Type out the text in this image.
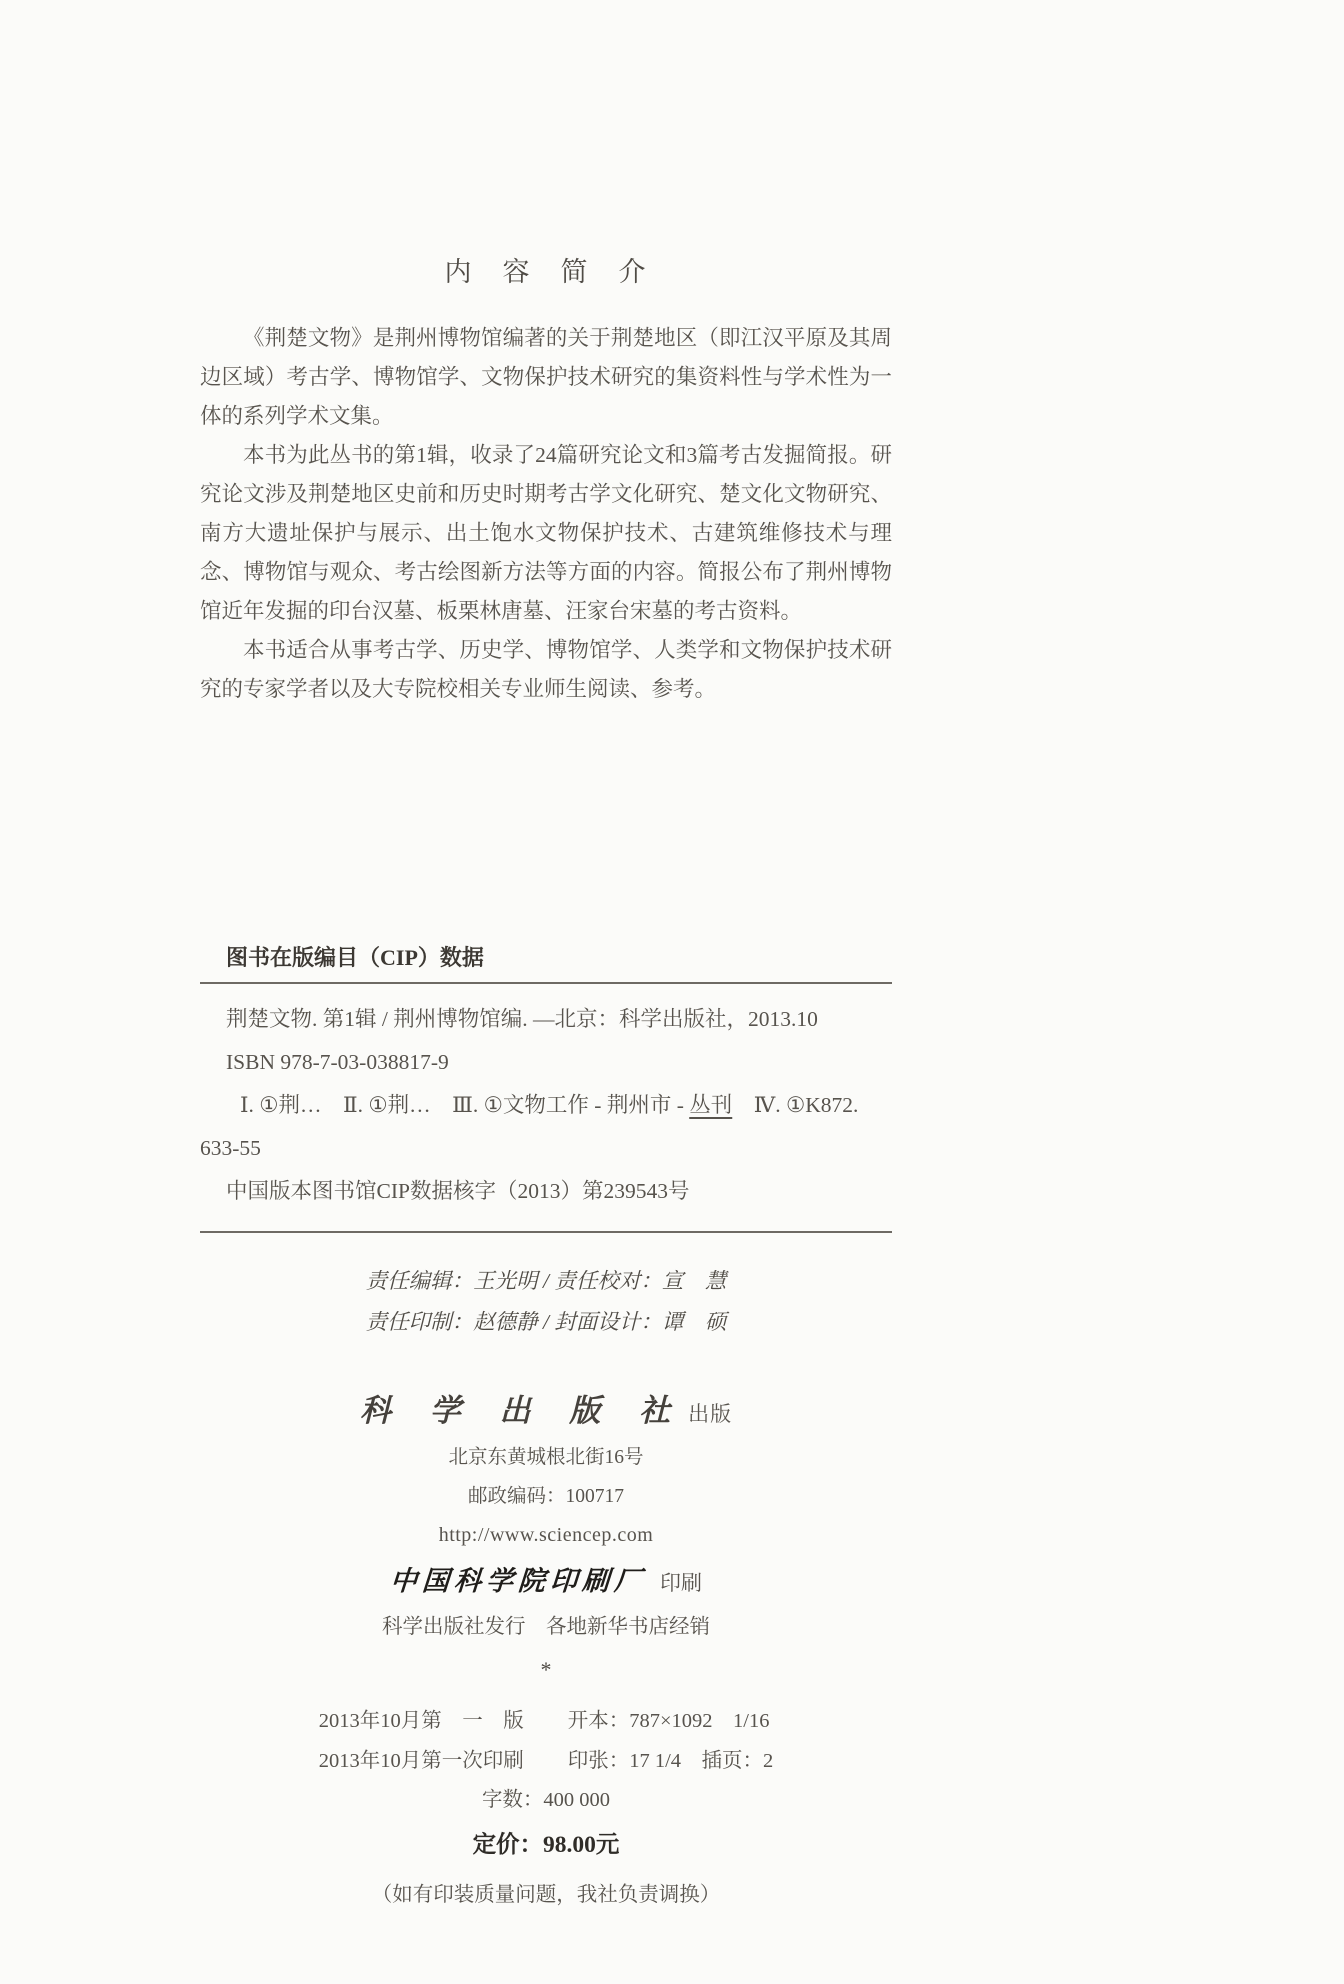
内　容　简　介

《荆楚文物》是荆州博物馆编著的关于荆楚地区（即江汉平原及其周边区域）考古学、博物馆学、文物保护技术研究的集资料性与学术性为一体的系列学术文集。

本书为此丛书的第1辑，收录了24篇研究论文和3篇考古发掘简报。研究论文涉及荆楚地区史前和历史时期考古学文化研究、楚文化文物研究、南方大遗址保护与展示、出土饱水文物保护技术、古建筑维修技术与理念、博物馆与观众、考古绘图新方法等方面的内容。简报公布了荆州博物馆近年发掘的印台汉墓、板栗林唐墓、汪家台宋墓的考古资料。

本书适合从事考古学、历史学、博物馆学、人类学和文物保护技术研究的专家学者以及大专院校相关专业师生阅读、参考。

图书在版编目（CIP）数据

荆楚文物. 第1辑 / 荆州博物馆编. —北京：科学出版社，2013.10

ISBN 978-7-03-038817-9

Ⅰ. ①荆…　Ⅱ. ①荆…　Ⅲ. ①文物工作 - 荆州市 - 丛刊　Ⅳ. ①K872.

633-55

中国版本图书馆CIP数据核字（2013）第239543号

责任编辑：王光明 / 责任校对：宣　慧

责任印制：赵德静 / 封面设计：谭　硕

科 学 出 版 社 出版

北京东黄城根北街16号

邮政编码：100717

http://www.sciencep.com

中国科学院印刷厂 印刷

科学出版社发行　各地新华书店经销

*

2013年10月第　一　版 开本：787×1092　1/16
2013年10月第一次印刷 印张：17 1/4　插页：2

字数：400 000

定价：98.00元

（如有印装质量问题，我社负责调换）
